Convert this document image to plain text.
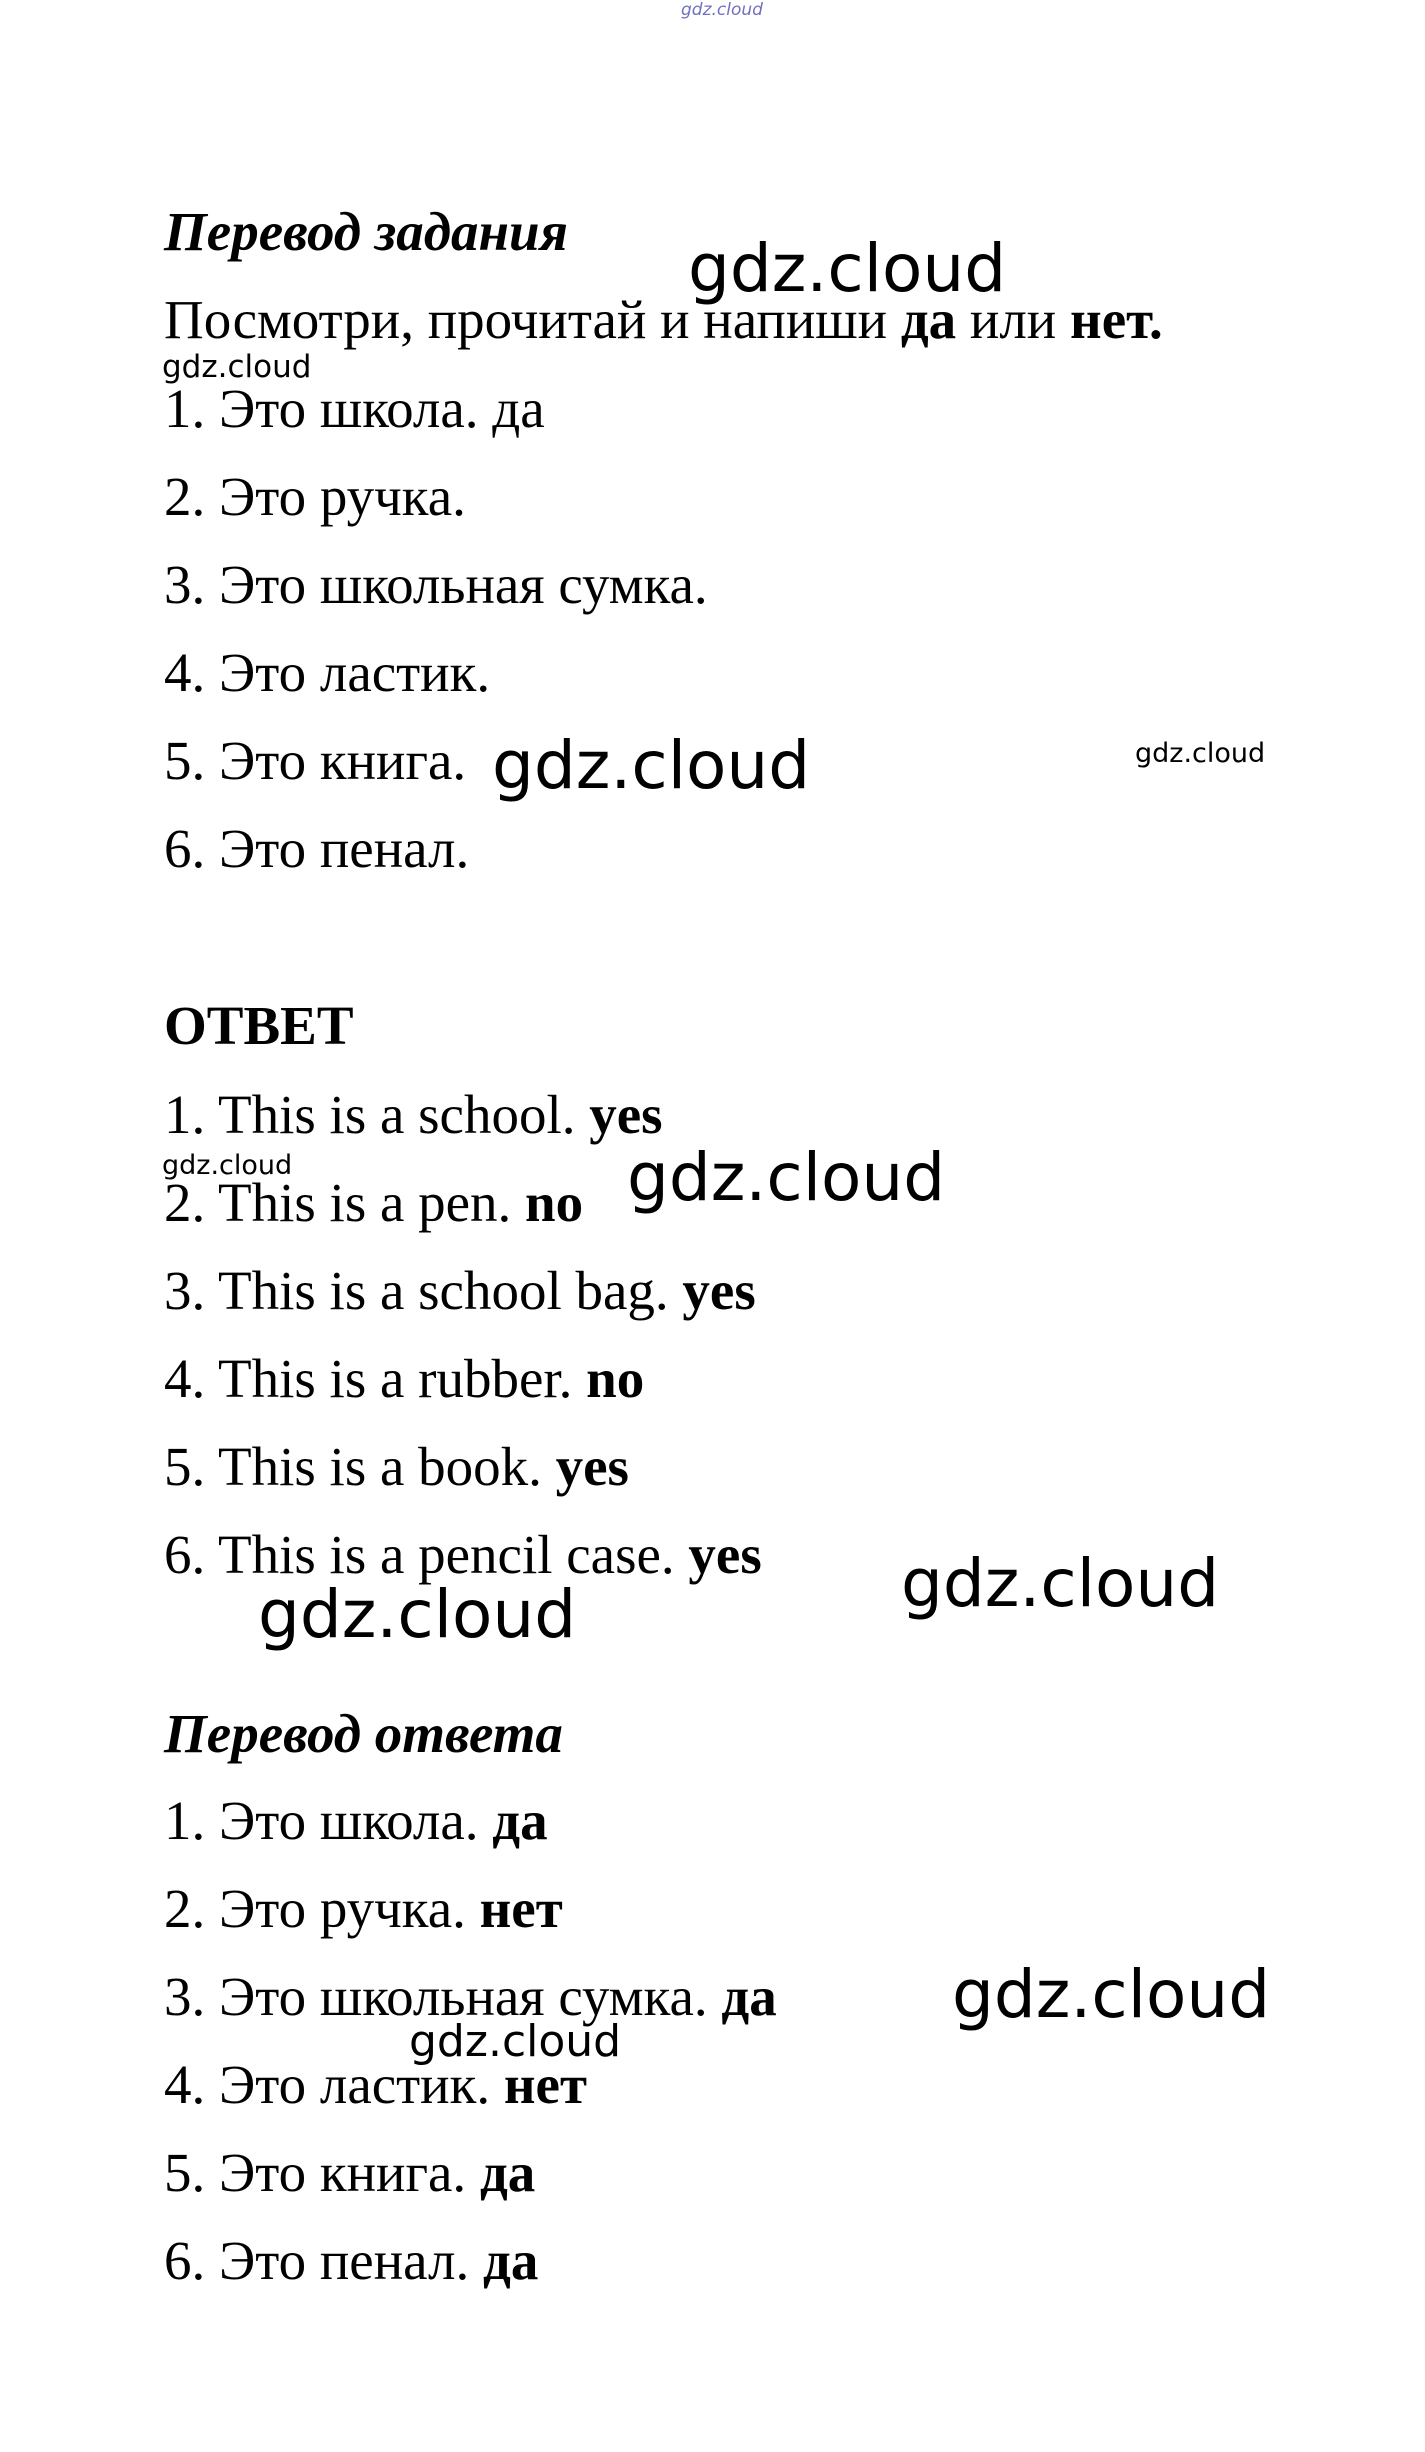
Перевод задания
Посмотри, прочитай и напиши да или нет.
1. Это школа. да
2. Это ручка.
3. Это школьная сумка.
4. Это ластик.
5. Это книга.
6. Это пенал.
ОТВЕТ
1. This is a school. yes
2. This is a pen. no
3. This is a school bag. yes
4. This is a rubber. no
5. This is a book. yes
6. This is a pencil case. yes
Перевод ответа
1. Это школа. да
2. Это ручка. нет
3. Это школьная сумка. да
4. Это ластик. нет
5. Это книга. да
6. Это пенал. да
gdz.cloud
gdz.cloud
gdz.cloud
gdz.cloud	gdz.cloud
gdz.cloud	gdz.cloud
gdz.cloud
gdz.cloud
gdz.cloud
gdz.cloud
